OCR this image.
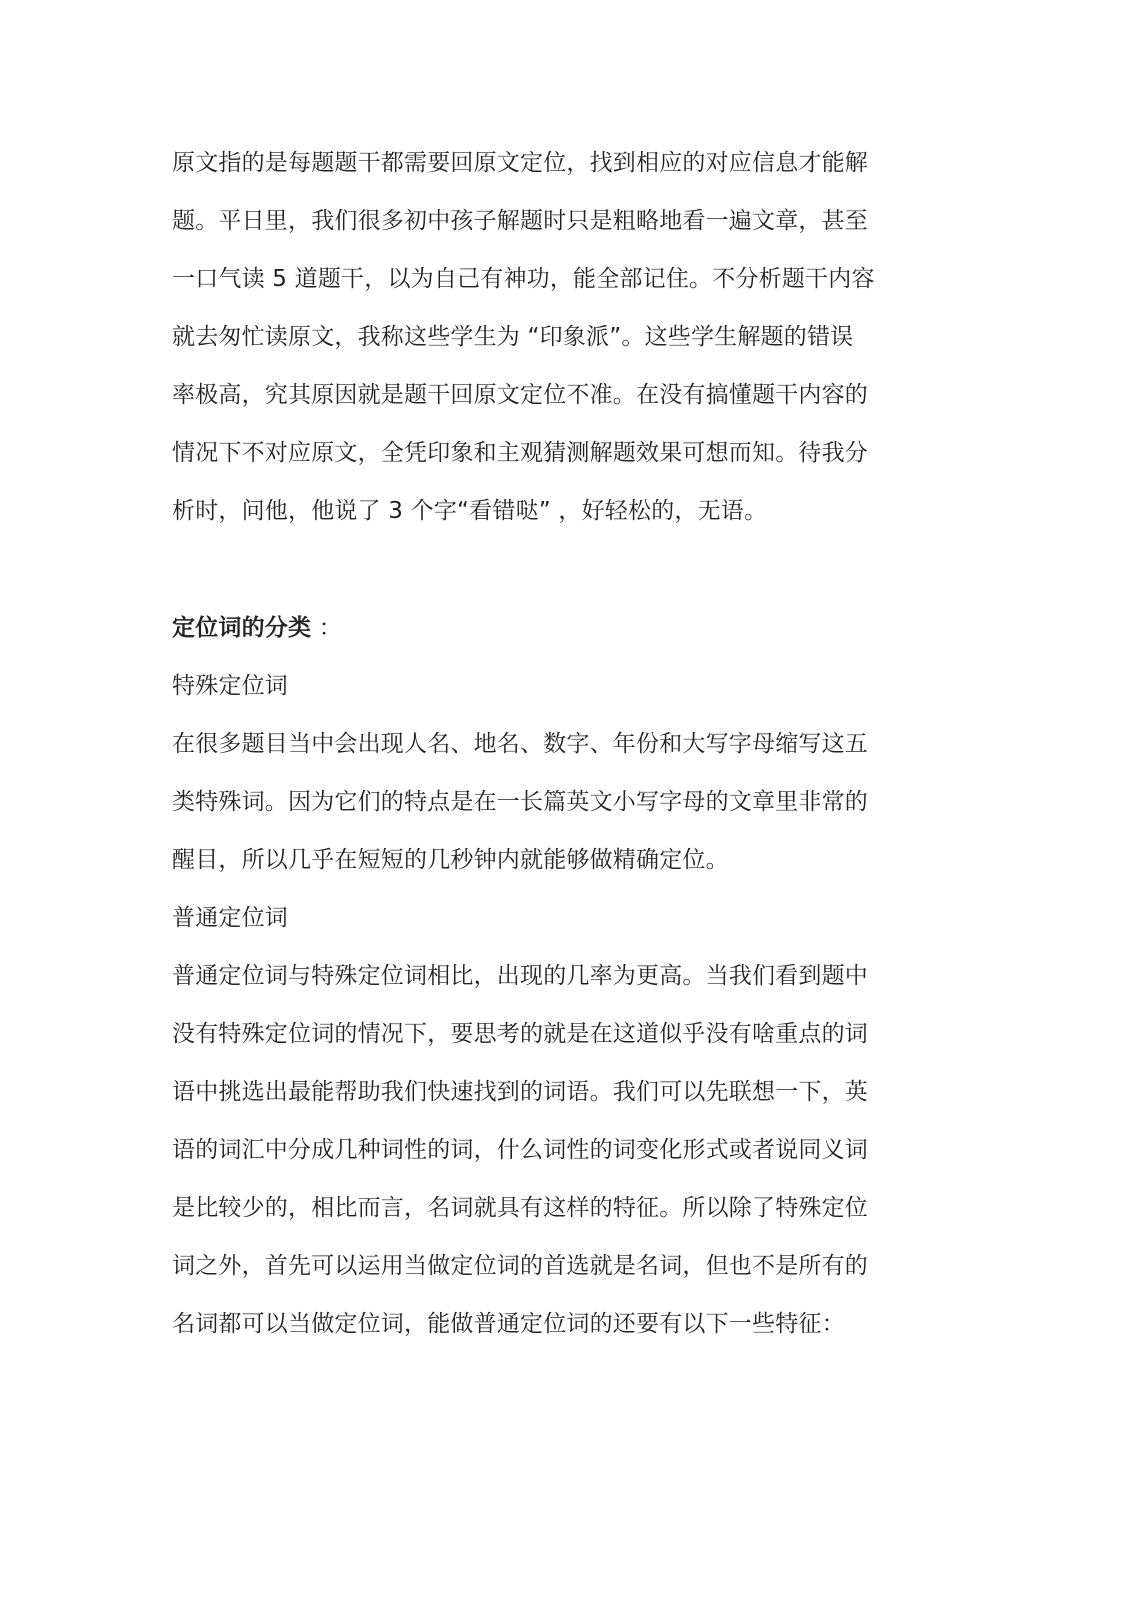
原文指的是每题题干都需要回原文定位，找到相应的对应信息才能解

题。平日里，我们很多初中孩子解题时只是粗略地看一遍文章，甚至

一口气读 5 道题干，以为自己有神功，能全部记住。不分析题干内容

就去匆忙读原文，我称这些学生为 “印象派”。这些学生解题的错误

率极高，究其原因就是题干回原文定位不准。在没有搞懂题干内容的

情况下不对应原文，全凭印象和主观猜测解题效果可想而知。待我分

析时，问他，他说了 3 个字“看错哒” ，好轻松的，无语。

定位词的分类 ：

特殊定位词

在很多题目当中会出现人名、地名、数字、年份和大写字母缩写这五

类特殊词。因为它们的特点是在一长篇英文小写字母的文章里非常的

醒目，所以几乎在短短的几秒钟内就能够做精确定位。

普通定位词

普通定位词与特殊定位词相比，出现的几率为更高。当我们看到题中

没有特殊定位词的情况下，要思考的就是在这道似乎没有啥重点的词

语中挑选出最能帮助我们快速找到的词语。我们可以先联想一下，英

语的词汇中分成几种词性的词，什么词性的词变化形式或者说同义词

是比较少的，相比而言，名词就具有这样的特征。所以除了特殊定位

词之外，首先可以运用当做定位词的首选就是名词，但也不是所有的

名词都可以当做定位词，能做普通定位词的还要有以下一些特征：
